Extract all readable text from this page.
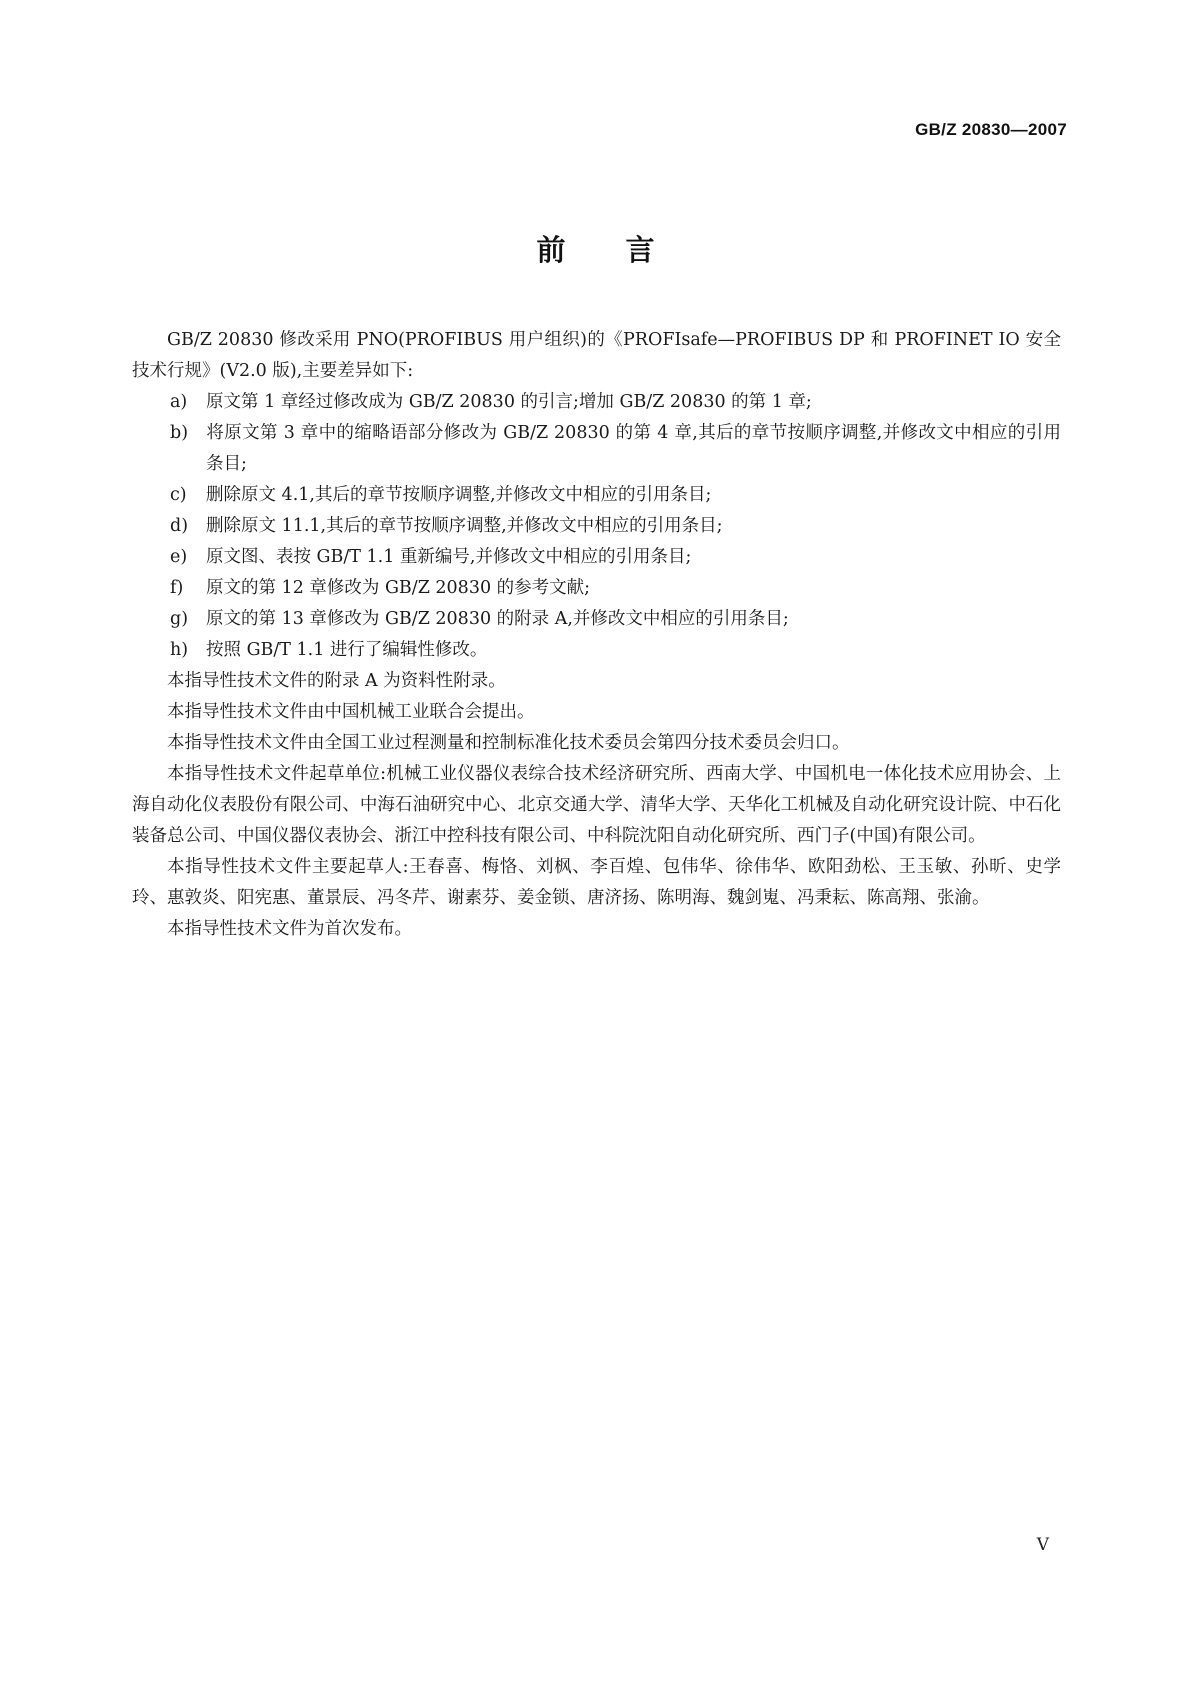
GB/Z 20830—2007
前言

GB/Z 20830 修改采用 PNO(PROFIBUS 用户组织)的《PROFIsafe—PROFIBUS DP 和 PROFINET IO 安全技术行规》(V2.0 版),主要差异如下:

a) 原文第 1 章经过修改成为 GB/Z 20830 的引言;增加 GB/Z 20830 的第 1 章;
b) 将原文第 3 章中的缩略语部分修改为 GB/Z 20830 的第 4 章,其后的章节按顺序调整,并修改文中相应的引用条目;
c) 删除原文 4.1,其后的章节按顺序调整,并修改文中相应的引用条目;
d) 删除原文 11.1,其后的章节按顺序调整,并修改文中相应的引用条目;
e) 原文图、表按 GB/T 1.1 重新编号,并修改文中相应的引用条目;
f) 原文的第 12 章修改为 GB/Z 20830 的参考文献;
g) 原文的第 13 章修改为 GB/Z 20830 的附录 A,并修改文中相应的引用条目;
h) 按照 GB/T 1.1 进行了编辑性修改。

本指导性技术文件的附录 A 为资料性附录。

本指导性技术文件由中国机械工业联合会提出。

本指导性技术文件由全国工业过程测量和控制标准化技术委员会第四分技术委员会归口。

本指导性技术文件起草单位:机械工业仪器仪表综合技术经济研究所、西南大学、中国机电一体化技术应用协会、上海自动化仪表股份有限公司、中海石油研究中心、北京交通大学、清华大学、天华化工机械及自动化研究设计院、中石化装备总公司、中国仪器仪表协会、浙江中控科技有限公司、中科院沈阳自动化研究所、西门子(中国)有限公司。

本指导性技术文件主要起草人:王春喜、梅恪、刘枫、李百煌、包伟华、徐伟华、欧阳劲松、王玉敏、孙昕、史学玲、惠敦炎、阳宪惠、董景辰、冯冬芹、谢素芬、姜金锁、唐济扬、陈明海、魏剑嵬、冯秉耘、陈高翔、张渝。

本指导性技术文件为首次发布。

V
